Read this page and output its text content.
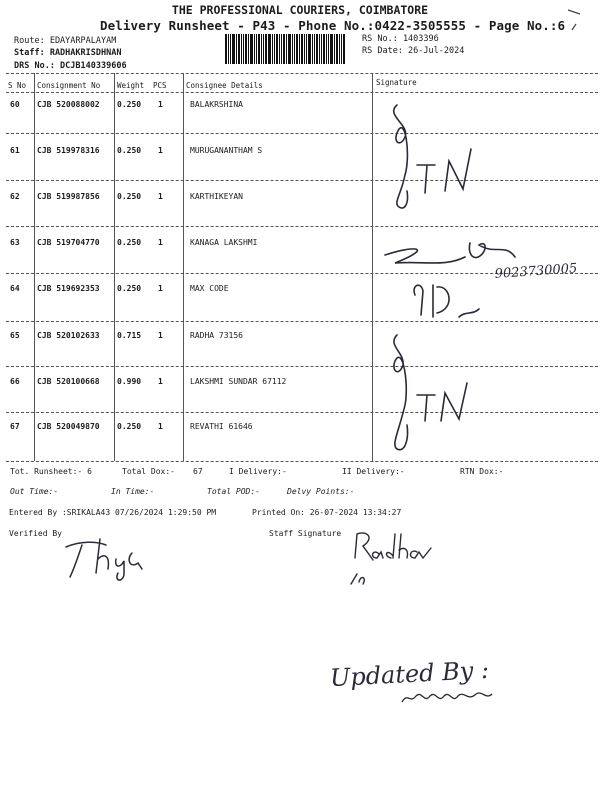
THE PROFESSIONAL COURIERS, COIMBATORE
Delivery Runsheet - P43 - Phone No.:0422-3505555 - Page No.:6
Route: EDAYARPALAYAM
Staff: RADHAKRISDHNAN
DRS No.: DCJB140339606
RS No.: 1403396
RS Date: 26-Jul-2024
S No Consignment No Weight PCS	Consignee Details	Signature
60 CJB 520088002 0.250 1	BALAKRSHINA
61 CJB 519978316 0.250 1	MURUGANANTHAM S
62 CJB 519987856 0.250 1	KARTHIKEYAN
63 CJB 519704770 0.250 1	KANAGA LAKSHMI
64 CJB 519692353 0.250 1	MAX CODE
65 CJB 520102633 0.715 1	RADHA 73156
66 CJB 520100668 0.990 1	LAKSHMI SUNDAR 67112
67 CJB 520049870 0.250 1	REVATHI 61646
9023730005
Tot. Runsheet:- 6	Total Dox:- 67	I Delivery:-	II Delivery:-	RTN Dox:-
Out Time:-	In Time:-	Total POD:-	Delvy Points:-
Entered By :SRIKALA43 07/26/2024 1:29:50 PM	Printed On: 26-07-2024 13:34:27
Verified By	Staff Signature
Updated By :
